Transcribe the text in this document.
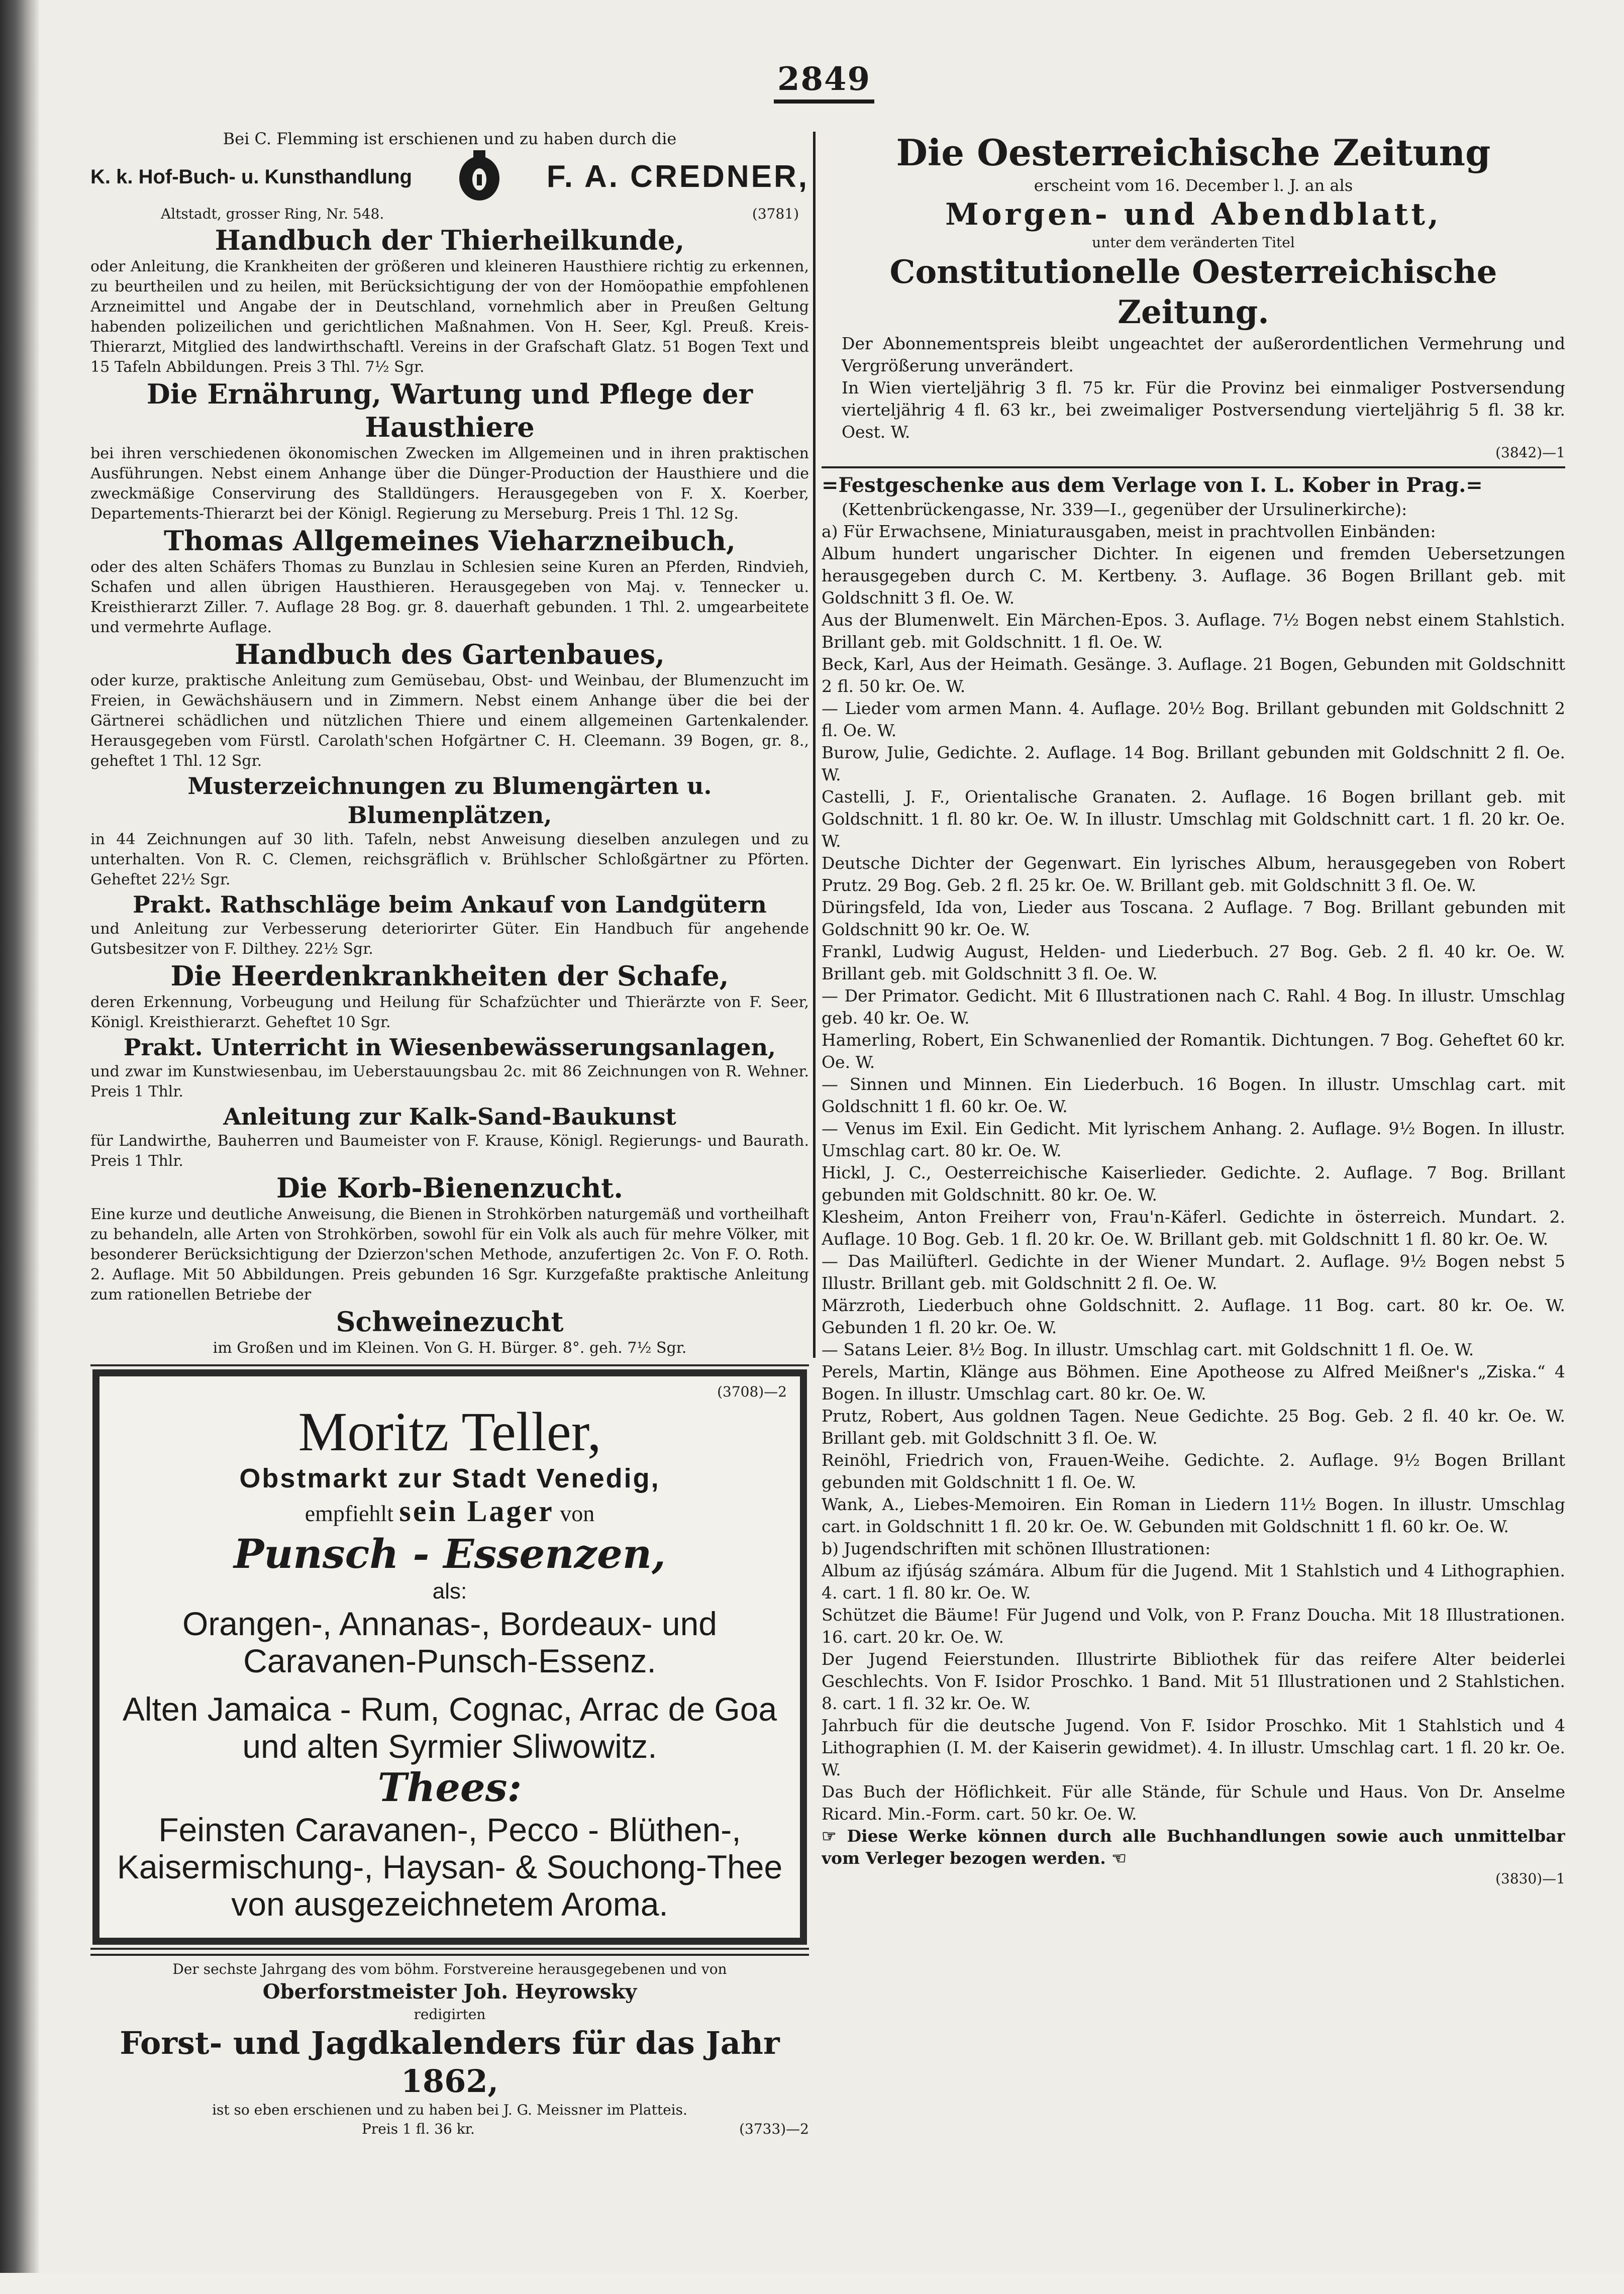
2849

Bei C. Flemming ist erschienen und zu haben durch die

K. k. Hof-Buch- u. Kunsthandlung	F. A. CREDNER,
Altstadt, grosser Ring, Nr. 548.	(3781)

Handbuch der Thierheilkunde,

oder Anleitung, die Krankheiten der größeren und kleineren Hausthiere richtig zu erkennen, zu beurtheilen und zu heilen, mit Berücksichtigung der von der Homöopathie empfohlenen Arzneimittel und Angabe der in Deutschland, vornehmlich aber in Preußen Geltung habenden polizeilichen und gerichtlichen Maßnahmen. Von H. Seer, Kgl. Preuß. Kreis-Thierarzt, Mitglied des landwirthschaftl. Vereins in der Grafschaft Glatz. 51 Bogen Text und 15 Tafeln Abbildungen. Preis 3 Thl. 7½ Sgr.

Die Ernährung, Wartung und Pflege der Hausthiere

bei ihren verschiedenen ökonomischen Zwecken im Allgemeinen und in ihren praktischen Ausführungen. Nebst einem Anhange über die Dünger-Production der Hausthiere und die zweckmäßige Conservirung des Stalldüngers. Herausgegeben von F. X. Koerber, Departements-Thierarzt bei der Königl. Regierung zu Merseburg. Preis 1 Thl. 12 Sg.

Thomas Allgemeines Vieharzneibuch,

oder des alten Schäfers Thomas zu Bunzlau in Schlesien seine Kuren an Pferden, Rindvieh, Schafen und allen übrigen Hausthieren. Herausgegeben von Maj. v. Tennecker u. Kreisthierarzt Ziller. 7. Auflage 28 Bog. gr. 8. dauerhaft gebunden. 1 Thl. 2. umgearbeitete und vermehrte Auflage.

Handbuch des Gartenbaues,

oder kurze, praktische Anleitung zum Gemüsebau, Obst- und Weinbau, der Blumenzucht im Freien, in Gewächshäusern und in Zimmern. Nebst einem Anhange über die bei der Gärtnerei schädlichen und nützlichen Thiere und einem allgemeinen Gartenkalender. Herausgegeben vom Fürstl. Carolath'schen Hofgärtner C. H. Cleemann. 39 Bogen, gr. 8., geheftet 1 Thl. 12 Sgr.

Musterzeichnungen zu Blumengärten u. Blumenplätzen,

in 44 Zeichnungen auf 30 lith. Tafeln, nebst Anweisung dieselben anzulegen und zu unterhalten. Von R. C. Clemen, reichsgräflich v. Brühlscher Schloßgärtner zu Pförten. Geheftet 22½ Sgr.

Prakt. Rathschläge beim Ankauf von Landgütern

und Anleitung zur Verbesserung deteriorirter Güter. Ein Handbuch für angehende Gutsbesitzer von F. Dilthey. 22½ Sgr.

Die Heerdenkrankheiten der Schafe,

deren Erkennung, Vorbeugung und Heilung für Schafzüchter und Thierärzte von F. Seer, Königl. Kreisthierarzt. Geheftet 10 Sgr.

Prakt. Unterricht in Wiesenbewässerungsanlagen,

und zwar im Kunstwiesenbau, im Ueberstauungsbau 2c. mit 86 Zeichnungen von R. Wehner. Preis 1 Thlr.

Anleitung zur Kalk-Sand-Baukunst

für Landwirthe, Bauherren und Baumeister von F. Krause, Königl. Regierungs- und Baurath. Preis 1 Thlr.

Die Korb-Bienenzucht.

Eine kurze und deutliche Anweisung, die Bienen in Strohkörben naturgemäß und vortheilhaft zu behandeln, alle Arten von Strohkörben, sowohl für ein Volk als auch für mehre Völker, mit besonderer Berücksichtigung der Dzierzon'schen Methode, anzufertigen 2c. Von F. O. Roth. 2. Auflage. Mit 50 Abbildungen. Preis gebunden 16 Sgr. Kurzgefaßte praktische Anleitung zum rationellen Betriebe der

Schweinezucht

im Großen und im Kleinen. Von G. H. Bürger. 8°. geh. 7½ Sgr.

(3708)—2

Moritz Teller,

Obstmarkt zur Stadt Venedig,

empfiehlt sein Lager von

Punsch - Essenzen,

als:

Orangen-, Annanas-, Bordeaux- und Caravanen-Punsch-Essenz.

Alten Jamaica - Rum, Cognac, Arrac de Goa und alten Syrmier Sliwowitz.

Thees:

Feinsten Caravanen-, Pecco - Blüthen-, Kaisermischung-, Haysan- & Souchong-Thee von ausgezeichnetem Aroma.

Der sechste Jahrgang des vom böhm. Forstvereine herausgegebenen und von

Oberforstmeister Joh. Heyrowsky

redigirten

Forst- und Jagdkalenders für das Jahr 1862,

ist so eben erschienen und zu haben bei J. G. Meissner im Platteis.

Preis 1 fl. 36 kr.	(3733)—2

Die Oesterreichische Zeitung

erscheint vom 16. December l. J. an als

Morgen- und Abendblatt,

unter dem veränderten Titel

Constitutionelle Oesterreichische Zeitung.

Der Abonnementspreis bleibt ungeachtet der außerordentlichen Vermehrung und Vergrößerung unverändert.

In Wien vierteljährig 3 fl. 75 kr. Für die Provinz bei einmaliger Postversendung vierteljährig 4 fl. 63 kr., bei zweimaliger Postversendung vierteljährig 5 fl. 38 kr. Oest. W.

(3842)—1

=Festgeschenke aus dem Verlage von I. L. Kober in Prag.=

(Kettenbrückengasse, Nr. 339—I., gegenüber der Ursulinerkirche):

a) Für Erwachsene, Miniaturausgaben, meist in prachtvollen Einbänden:

Album hundert ungarischer Dichter. In eigenen und fremden Uebersetzungen herausgegeben durch C. M. Kertbeny. 3. Auflage. 36 Bogen Brillant geb. mit Goldschnitt 3 fl. Oe. W.

Aus der Blumenwelt. Ein Märchen-Epos. 3. Auflage. 7½ Bogen nebst einem Stahlstich. Brillant geb. mit Goldschnitt. 1 fl. Oe. W.

Beck, Karl, Aus der Heimath. Gesänge. 3. Auflage. 21 Bogen, Gebunden mit Goldschnitt 2 fl. 50 kr. Oe. W.

— Lieder vom armen Mann. 4. Auflage. 20½ Bog. Brillant gebunden mit Goldschnitt 2 fl. Oe. W.

Burow, Julie, Gedichte. 2. Auflage. 14 Bog. Brillant gebunden mit Goldschnitt 2 fl. Oe. W.

Castelli, J. F., Orientalische Granaten. 2. Auflage. 16 Bogen brillant geb. mit Goldschnitt. 1 fl. 80 kr. Oe. W. In illustr. Umschlag mit Goldschnitt cart. 1 fl. 20 kr. Oe. W.

Deutsche Dichter der Gegenwart. Ein lyrisches Album, herausgegeben von Robert Prutz. 29 Bog. Geb. 2 fl. 25 kr. Oe. W. Brillant geb. mit Goldschnitt 3 fl. Oe. W.

Düringsfeld, Ida von, Lieder aus Toscana. 2 Auflage. 7 Bog. Brillant gebunden mit Goldschnitt 90 kr. Oe. W.

Frankl, Ludwig August, Helden- und Liederbuch. 27 Bog. Geb. 2 fl. 40 kr. Oe. W. Brillant geb. mit Goldschnitt 3 fl. Oe. W.

— Der Primator. Gedicht. Mit 6 Illustrationen nach C. Rahl. 4 Bog. In illustr. Umschlag geb. 40 kr. Oe. W.

Hamerling, Robert, Ein Schwanenlied der Romantik. Dichtungen. 7 Bog. Geheftet 60 kr. Oe. W.

— Sinnen und Minnen. Ein Liederbuch. 16 Bogen. In illustr. Umschlag cart. mit Goldschnitt 1 fl. 60 kr. Oe. W.

— Venus im Exil. Ein Gedicht. Mit lyrischem Anhang. 2. Auflage. 9½ Bogen. In illustr. Umschlag cart. 80 kr. Oe. W.

Hickl, J. C., Oesterreichische Kaiserlieder. Gedichte. 2. Auflage. 7 Bog. Brillant gebunden mit Goldschnitt. 80 kr. Oe. W.

Klesheim, Anton Freiherr von, Frau'n-Käferl. Gedichte in österreich. Mundart. 2. Auflage. 10 Bog. Geb. 1 fl. 20 kr. Oe. W. Brillant geb. mit Goldschnitt 1 fl. 80 kr. Oe. W.

— Das Mailüfterl. Gedichte in der Wiener Mundart. 2. Auflage. 9½ Bogen nebst 5 Illustr. Brillant geb. mit Goldschnitt 2 fl. Oe. W.

Märzroth, Liederbuch ohne Goldschnitt. 2. Auflage. 11 Bog. cart. 80 kr. Oe. W. Gebunden 1 fl. 20 kr. Oe. W.

— Satans Leier. 8½ Bog. In illustr. Umschlag cart. mit Goldschnitt 1 fl. Oe. W.

Perels, Martin, Klänge aus Böhmen. Eine Apotheose zu Alfred Meißner's „Ziska.“ 4 Bogen. In illustr. Umschlag cart. 80 kr. Oe. W.

Prutz, Robert, Aus goldnen Tagen. Neue Gedichte. 25 Bog. Geb. 2 fl. 40 kr. Oe. W. Brillant geb. mit Goldschnitt 3 fl. Oe. W.

Reinöhl, Friedrich von, Frauen-Weihe. Gedichte. 2. Auflage. 9½ Bogen Brillant gebunden mit Goldschnitt 1 fl. Oe. W.

Wank, A., Liebes-Memoiren. Ein Roman in Liedern 11½ Bogen. In illustr. Umschlag cart. in Goldschnitt 1 fl. 20 kr. Oe. W. Gebunden mit Goldschnitt 1 fl. 60 kr. Oe. W.

b) Jugendschriften mit schönen Illustrationen:

Album az ifjúság számára. Album für die Jugend. Mit 1 Stahlstich und 4 Lithographien. 4. cart. 1 fl. 80 kr. Oe. W.

Schützet die Bäume! Für Jugend und Volk, von P. Franz Doucha. Mit 18 Illustrationen. 16. cart. 20 kr. Oe. W.

Der Jugend Feierstunden. Illustrirte Bibliothek für das reifere Alter beiderlei Geschlechts. Von F. Isidor Proschko. 1 Band. Mit 51 Illustrationen und 2 Stahlstichen. 8. cart. 1 fl. 32 kr. Oe. W.

Jahrbuch für die deutsche Jugend. Von F. Isidor Proschko. Mit 1 Stahlstich und 4 Lithographien (I. M. der Kaiserin gewidmet). 4. In illustr. Umschlag cart. 1 fl. 20 kr. Oe. W.

Das Buch der Höflichkeit. Für alle Stände, für Schule und Haus. Von Dr. Anselme Ricard. Min.-Form. cart. 50 kr. Oe. W.

☞ Diese Werke können durch alle Buchhandlungen sowie auch unmittelbar vom Verleger bezogen werden. ☜

(3830)—1
